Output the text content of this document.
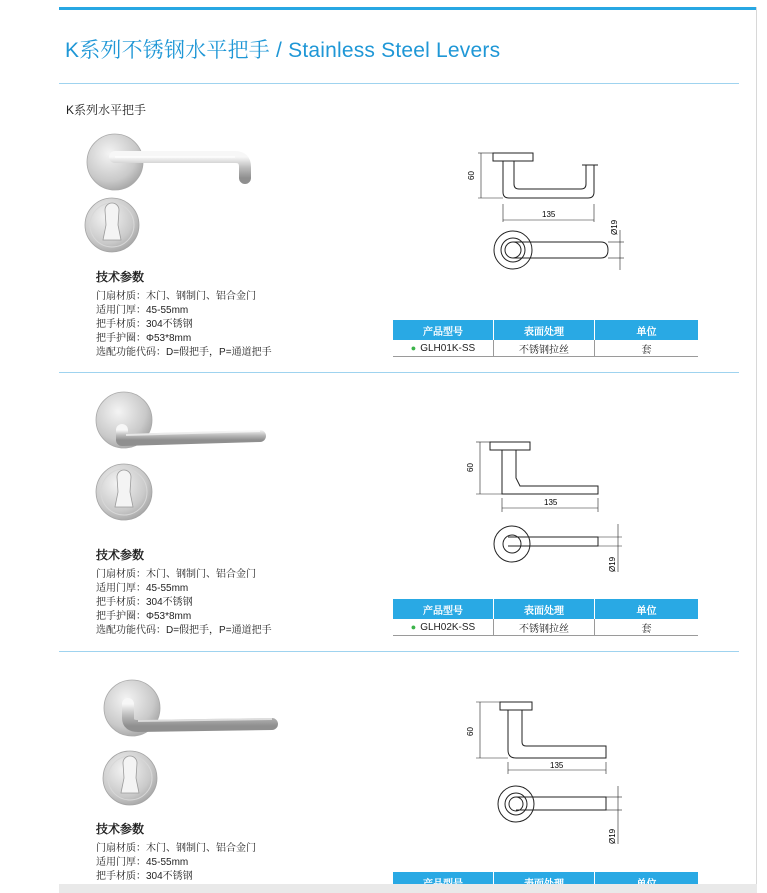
K系列不锈钢水平把手 / Stainless Steel Levers
K系列水平把手
技术参数
门扇材质：木门、钢制门、铝合金门
适用门厚：45-55mm
把手材质：304不锈钢
把手护圈：Φ53*8mm
选配功能代码：D=假把手，P=通道把手
60
135
Ø19
产品型号	表面处理	单位
● GLH01K-SS	不锈钢拉丝	套
技术参数
门扇材质：木门、钢制门、铝合金门
适用门厚：45-55mm
把手材质：304不锈钢
把手护圈：Φ53*8mm
选配功能代码：D=假把手，P=通道把手
60
135
Ø19
产品型号	表面处理	单位
● GLH02K-SS	不锈钢拉丝	套
技术参数
门扇材质：木门、钢制门、铝合金门
适用门厚：45-55mm
把手材质：304不锈钢
60
135
Ø19
